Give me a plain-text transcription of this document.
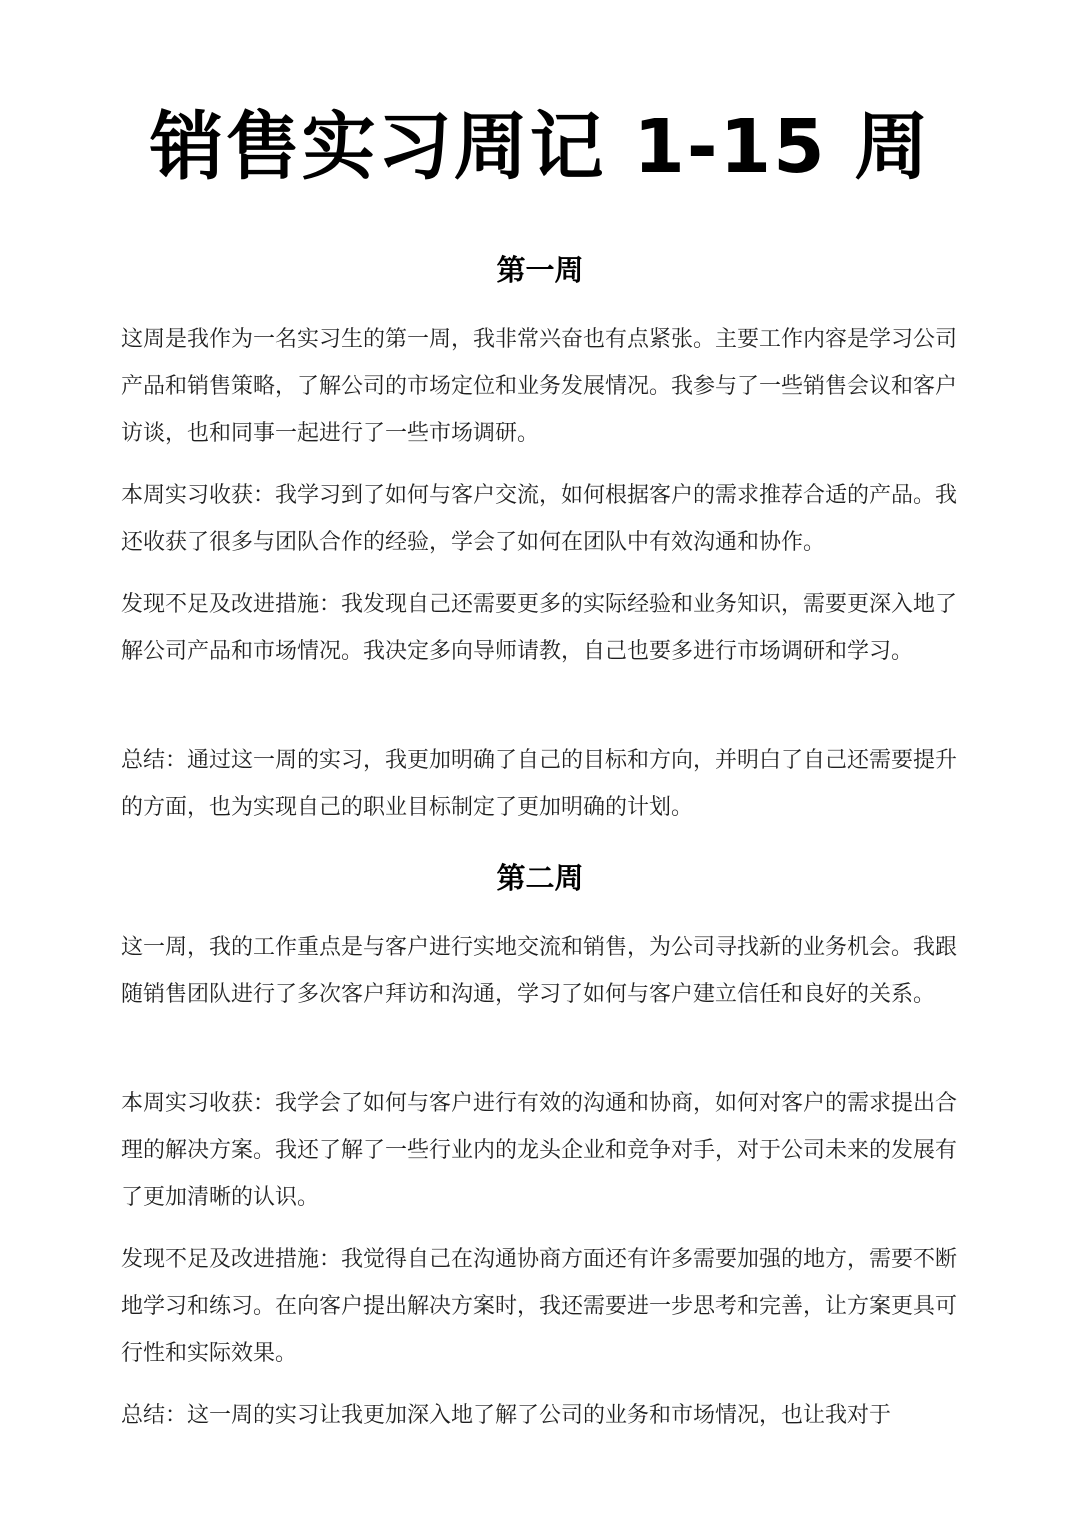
销售实习周记 1-15 周
第一周

这周是我作为一名实习生的第一周，我非常兴奋也有点紧张。主要工作内容是学习公司产品和销售策略，了解公司的市场定位和业务发展情况。我参与了一些销售会议和客户访谈，也和同事一起进行了一些市场调研。

本周实习收获：我学习到了如何与客户交流，如何根据客户的需求推荐合适的产品。我还收获了很多与团队合作的经验，学会了如何在团队中有效沟通和协作。

发现不足及改进措施：我发现自己还需要更多的实际经验和业务知识，需要更深入地了解公司产品和市场情况。我决定多向导师请教，自己也要多进行市场调研和学习。

总结：通过这一周的实习，我更加明确了自己的目标和方向，并明白了自己还需要提升的方面，也为实现自己的职业目标制定了更加明确的计划。

第二周

这一周，我的工作重点是与客户进行实地交流和销售，为公司寻找新的业务机会。我跟随销售团队进行了多次客户拜访和沟通，学习了如何与客户建立信任和良好的关系。

本周实习收获：我学会了如何与客户进行有效的沟通和协商，如何对客户的需求提出合理的解决方案。我还了解了一些行业内的龙头企业和竞争对手，对于公司未来的发展有了更加清晰的认识。

发现不足及改进措施：我觉得自己在沟通协商方面还有许多需要加强的地方，需要不断地学习和练习。在向客户提出解决方案时，我还需要进一步思考和完善，让方案更具可行性和实际效果。

总结：这一周的实习让我更加深入地了解了公司的业务和市场情况，也让我对于
